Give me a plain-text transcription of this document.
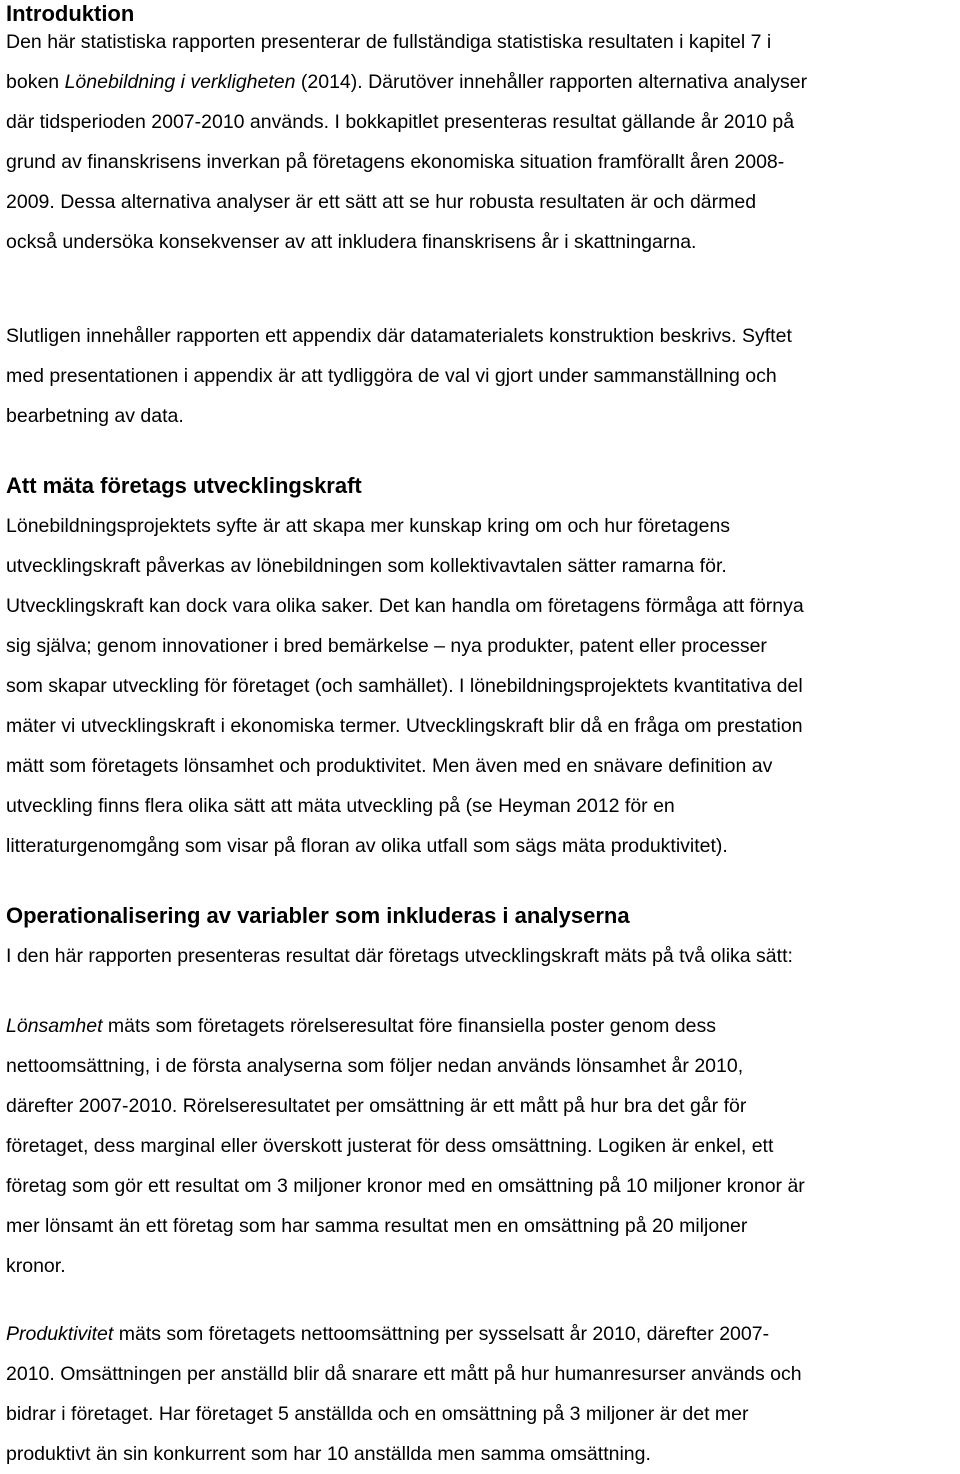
Introduktion

Den här statistiska rapporten presenterar de fullständiga statistiska resultaten i kapitel 7 i
boken Lönebildning i verkligheten (2014). Därutöver innehåller rapporten alternativa analyser
där tidsperioden 2007-2010 används. I bokkapitlet presenteras resultat gällande år 2010 på
grund av finanskrisens inverkan på företagens ekonomiska situation framförallt åren 2008-
2009. Dessa alternativa analyser är ett sätt att se hur robusta resultaten är och därmed
också undersöka konsekvenser av att inkludera finanskrisens år i skattningarna.

Slutligen innehåller rapporten ett appendix där datamaterialets konstruktion beskrivs. Syftet
med presentationen i appendix är att tydliggöra de val vi gjort under sammanställning och
bearbetning av data.

Att mäta företags utvecklingskraft

Lönebildningsprojektets syfte är att skapa mer kunskap kring om och hur företagens
utvecklingskraft påverkas av lönebildningen som kollektivavtalen sätter ramarna för.
Utvecklingskraft kan dock vara olika saker. Det kan handla om företagens förmåga att förnya
sig själva; genom innovationer i bred bemärkelse – nya produkter, patent eller processer
som skapar utveckling för företaget (och samhället). I lönebildningsprojektets kvantitativa del
mäter vi utvecklingskraft i ekonomiska termer. Utvecklingskraft blir då en fråga om prestation
mätt som företagets lönsamhet och produktivitet. Men även med en snävare definition av
utveckling finns flera olika sätt att mäta utveckling på (se Heyman 2012 för en
litteraturgenomgång som visar på floran av olika utfall som sägs mäta produktivitet).

Operationalisering av variabler som inkluderas i analyserna

I den här rapporten presenteras resultat där företags utvecklingskraft mäts på två olika sätt:

Lönsamhet mäts som företagets rörelseresultat före finansiella poster genom dess
nettoomsättning, i de första analyserna som följer nedan används lönsamhet år 2010,
därefter 2007-2010. Rörelseresultatet per omsättning är ett mått på hur bra det går för
företaget, dess marginal eller överskott justerat för dess omsättning. Logiken är enkel, ett
företag som gör ett resultat om 3 miljoner kronor med en omsättning på 10 miljoner kronor är
mer lönsamt än ett företag som har samma resultat men en omsättning på 20 miljoner
kronor.

Produktivitet mäts som företagets nettoomsättning per sysselsatt år 2010, därefter 2007-
2010. Omsättningen per anställd blir då snarare ett mått på hur humanresurser används och
bidrar i företaget. Har företaget 5 anställda och en omsättning på 3 miljoner är det mer
produktivt än sin konkurrent som har 10 anställda men samma omsättning.
